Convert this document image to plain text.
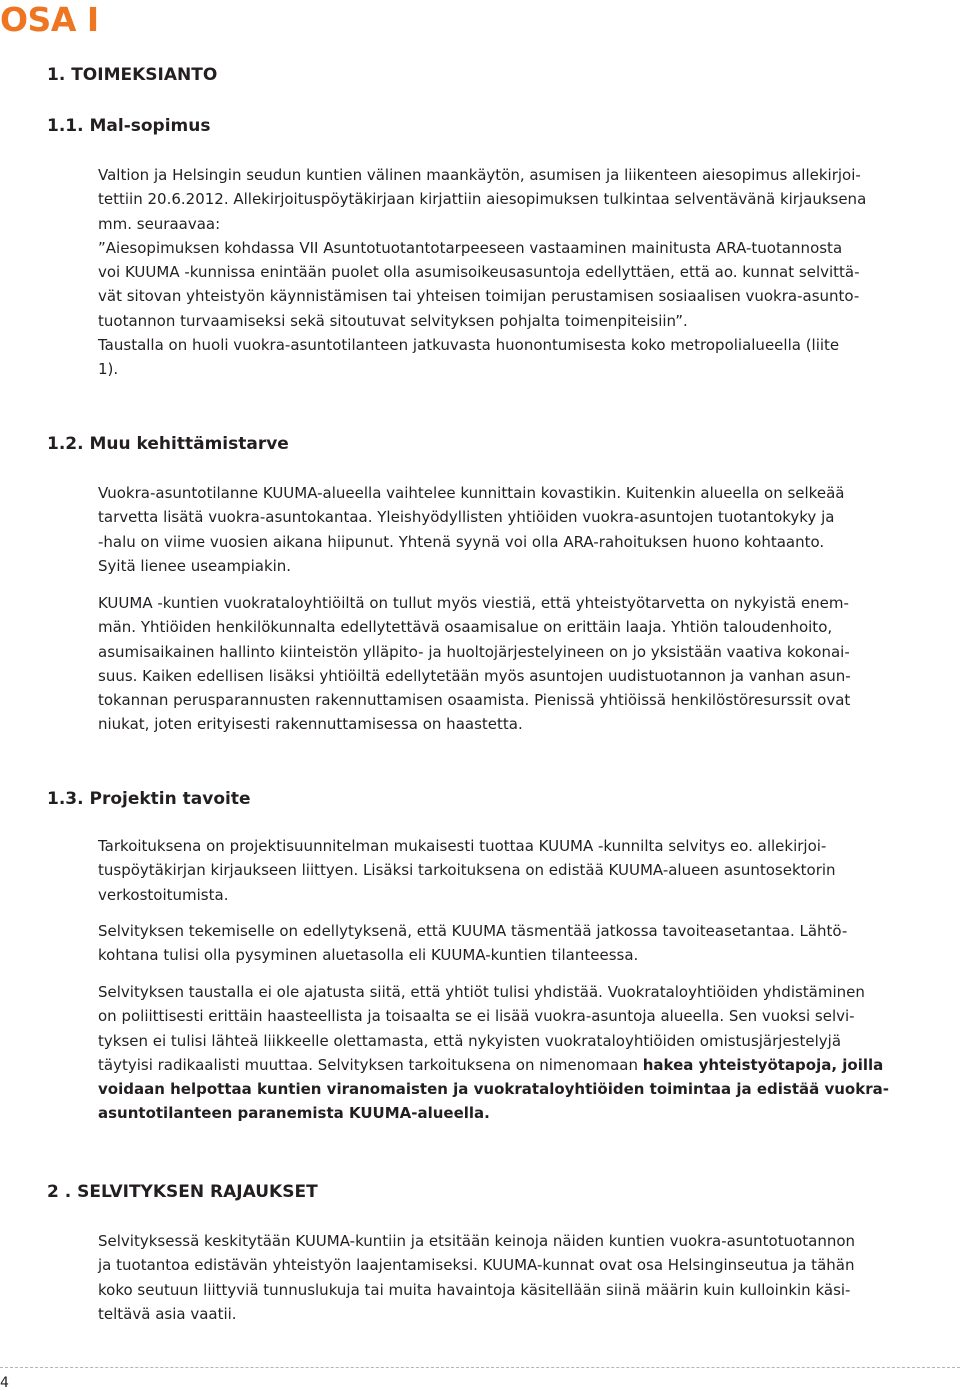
OSA I
1. TOIMEKSIANTO
1.1. Mal-sopimus
Valtion ja Helsingin seudun kuntien välinen maankäytön, asumisen ja liikenteen aiesopimus allekirjoi-
tettiin 20.6.2012. Allekirjoituspöytäkirjaan kirjattiin aiesopimuksen tulkintaa selventävänä kirjauksena
mm. seuraavaa:
”Aiesopimuksen kohdassa VII Asuntotuotantotarpeeseen vastaaminen mainitusta ARA-tuotannosta
voi KUUMA -kunnissa enintään puolet olla asumisoikeusasuntoja edellyttäen, että ao. kunnat selvittä-
vät sitovan yhteistyön käynnistämisen tai yhteisen toimijan perustamisen sosiaalisen vuokra-asunto-
tuotannon turvaamiseksi sekä sitoutuvat selvityksen pohjalta toimenpiteisiin”.
Taustalla on huoli vuokra-asuntotilanteen jatkuvasta huonontumisesta koko metropolialueella (liite
1).
1.2. Muu kehittämistarve
Vuokra-asuntotilanne KUUMA-alueella vaihtelee kunnittain kovastikin. Kuitenkin alueella on selkeää
tarvetta lisätä vuokra-asuntokantaa. Yleishyödyllisten yhtiöiden vuokra-asuntojen tuotantokyky ja
-halu on viime vuosien aikana hiipunut. Yhtenä syynä voi olla ARA-rahoituksen huono kohtaanto.
Syitä lienee useampiakin.
KUUMA -kuntien vuokrataloyhtiöiltä on tullut myös viestiä, että yhteistyötarvetta on nykyistä enem-
män. Yhtiöiden henkilökunnalta edellytettävä osaamisalue on erittäin laaja. Yhtiön taloudenhoito,
asumisaikainen hallinto kiinteistön ylläpito- ja huoltojärjestelyineen on jo yksistään vaativa kokonai-
suus. Kaiken edellisen lisäksi yhtiöiltä edellytetään myös asuntojen uudistuotannon ja vanhan asun-
tokannan perusparannusten rakennuttamisen osaamista. Pienissä yhtiöissä henkilöstöresurssit ovat
niukat, joten erityisesti rakennuttamisessa on haastetta.
1.3. Projektin tavoite
Tarkoituksena on projektisuunnitelman mukaisesti tuottaa KUUMA -kunnilta selvitys eo. allekirjoi-
tuspöytäkirjan kirjaukseen liittyen. Lisäksi tarkoituksena on edistää KUUMA-alueen asuntosektorin
verkostoitumista.
Selvityksen tekemiselle on edellytyksenä, että KUUMA täsmentää jatkossa tavoiteasetantaa. Lähtö-
kohtana tulisi olla pysyminen aluetasolla eli KUUMA-kuntien tilanteessa.
Selvityksen taustalla ei ole ajatusta siitä, että yhtiöt tulisi yhdistää. Vuokrataloyhtiöiden yhdistäminen
on poliittisesti erittäin haasteellista ja toisaalta se ei lisää vuokra-asuntoja alueella. Sen vuoksi selvi-
tyksen ei tulisi lähteä liikkeelle olettamasta, että nykyisten vuokrataloyhtiöiden omistusjärjestelyjä
täytyisi radikaalisti muuttaa. Selvityksen tarkoituksena on nimenomaan hakea yhteistyötapoja, joilla
voidaan helpottaa kuntien viranomaisten ja vuokrataloyhtiöiden toimintaa ja edistää vuokra-
asuntotilanteen paranemista KUUMA-alueella.
2 . SELVITYKSEN RAJAUKSET
Selvityksessä keskitytään KUUMA-kuntiin ja etsitään keinoja näiden kuntien vuokra-asuntotuotannon
ja tuotantoa edistävän yhteistyön laajentamiseksi. KUUMA-kunnat ovat osa Helsinginseutua ja tähän
koko seutuun liittyviä tunnuslukuja tai muita havaintoja käsitellään siinä määrin kuin kulloinkin käsi-
teltävä asia vaatii.
4
